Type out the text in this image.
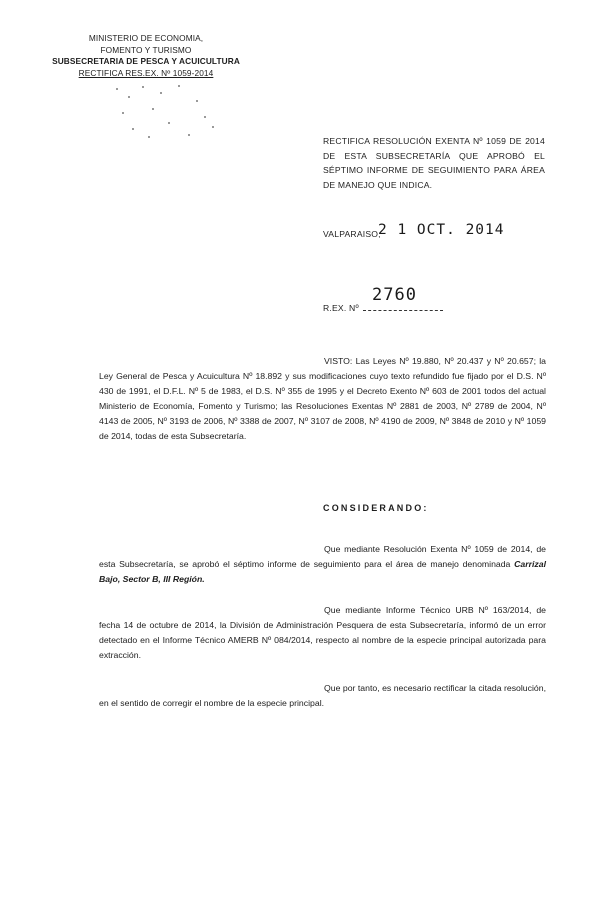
MINISTERIO DE ECONOMIA,
FOMENTO Y TURISMO
SUBSECRETARIA DE PESCA Y ACUICULTURA
RECTIFICA RES.EX. Nº 1059-2014
RECTIFICA RESOLUCIÓN EXENTA Nº 1059 DE 2014 DE ESTA SUBSECRETARÍA QUE APROBÓ EL SÉPTIMO INFORME DE SEGUIMIENTO PARA ÁREA DE MANEJO QUE INDICA.
VALPARAISO,
2 1 OCT. 2014
R.EX. Nº
2760

VISTO: Las Leyes Nº 19.880, Nº 20.437 y Nº 20.657; la Ley General de Pesca y Acuicultura Nº 18.892 y sus modificaciones cuyo texto refundido fue fijado por el D.S. Nº 430 de 1991, el D.F.L. Nº 5 de 1983, el D.S. Nº 355 de 1995 y el Decreto Exento Nº 603 de 2001 todos del actual Ministerio de Economía, Fomento y Turismo; las Resoluciones Exentas Nº 2881 de 2003, Nº 2789 de 2004, Nº 4143 de 2005, Nº 3193 de 2006, Nº 3388 de 2007, Nº 3107 de 2008, Nº 4190 de 2009, Nº 3848 de 2010 y Nº 1059 de 2014, todas de esta Subsecretaría.

CONSIDERANDO:

Que mediante Resolución Exenta Nº 1059 de 2014, de esta Subsecretaría, se aprobó el séptimo informe de seguimiento para el área de manejo denominada Carrizal Bajo, Sector B, III Región.

Que mediante Informe Técnico URB Nº 163/2014, de fecha 14 de octubre de 2014, la División de Administración Pesquera de esta Subsecretaría, informó de un error detectado en el Informe Técnico AMERB Nº 084/2014, respecto al nombre de la especie principal autorizada para extracción.

Que por tanto, es necesario rectificar la citada resolución, en el sentido de corregir el nombre de la especie principal.
